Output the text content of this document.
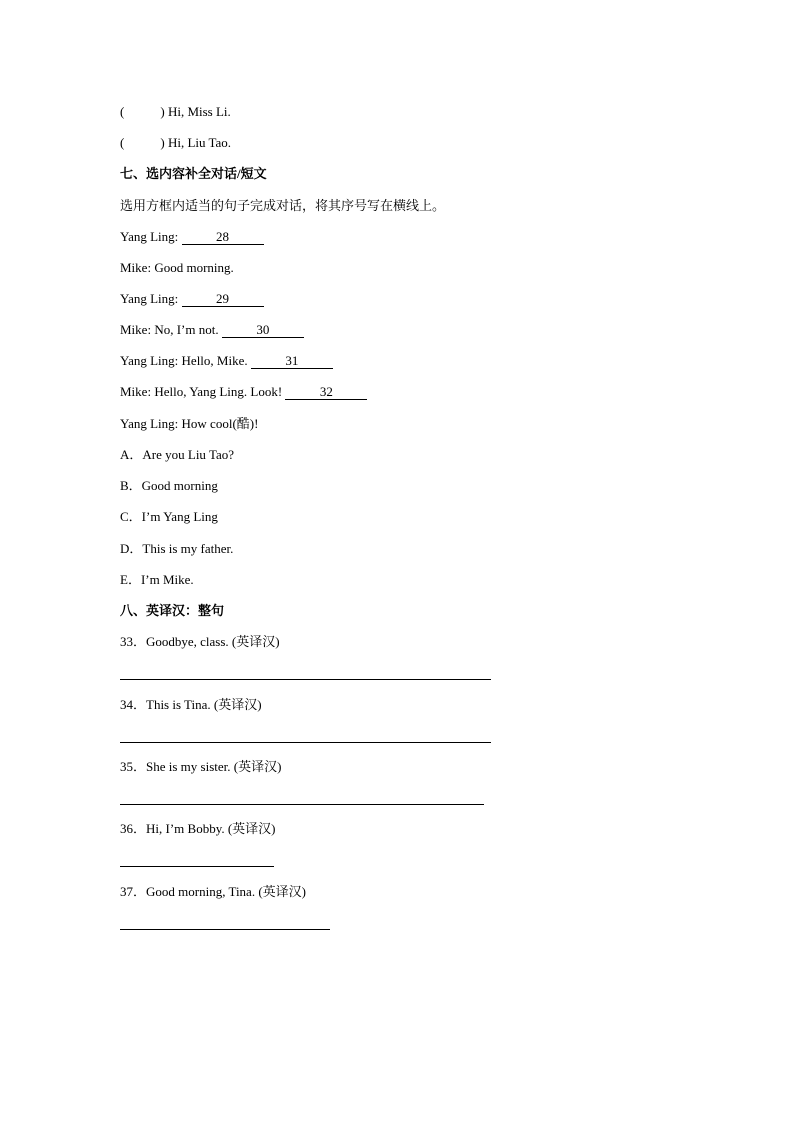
(	) Hi, Miss Li.
(	) Hi, Liu Tao.
七、选内容补全对话/短文
选用方框内适当的句子完成对话，将其序号写在横线上。
Yang Ling:	28
Mike: Good morning.
Yang Ling:	29
Mike: No, I’m not.	30
Yang Ling: Hello, Mike.	31
Mike: Hello, Yang Ling. Look!	32
Yang Ling: How cool(酷)!
A．Are you Liu Tao?
B．Good morning
C．I’m Yang Ling
D．This is my father.
E．I’m Mike.
八、英译汉：整句
33．Goodbye, class. (英译汉)
34．This is Tina. (英译汉)
35．She is my sister. (英译汉)
36．Hi, I’m Bobby. (英译汉)
37．Good morning, Tina. (英译汉)
